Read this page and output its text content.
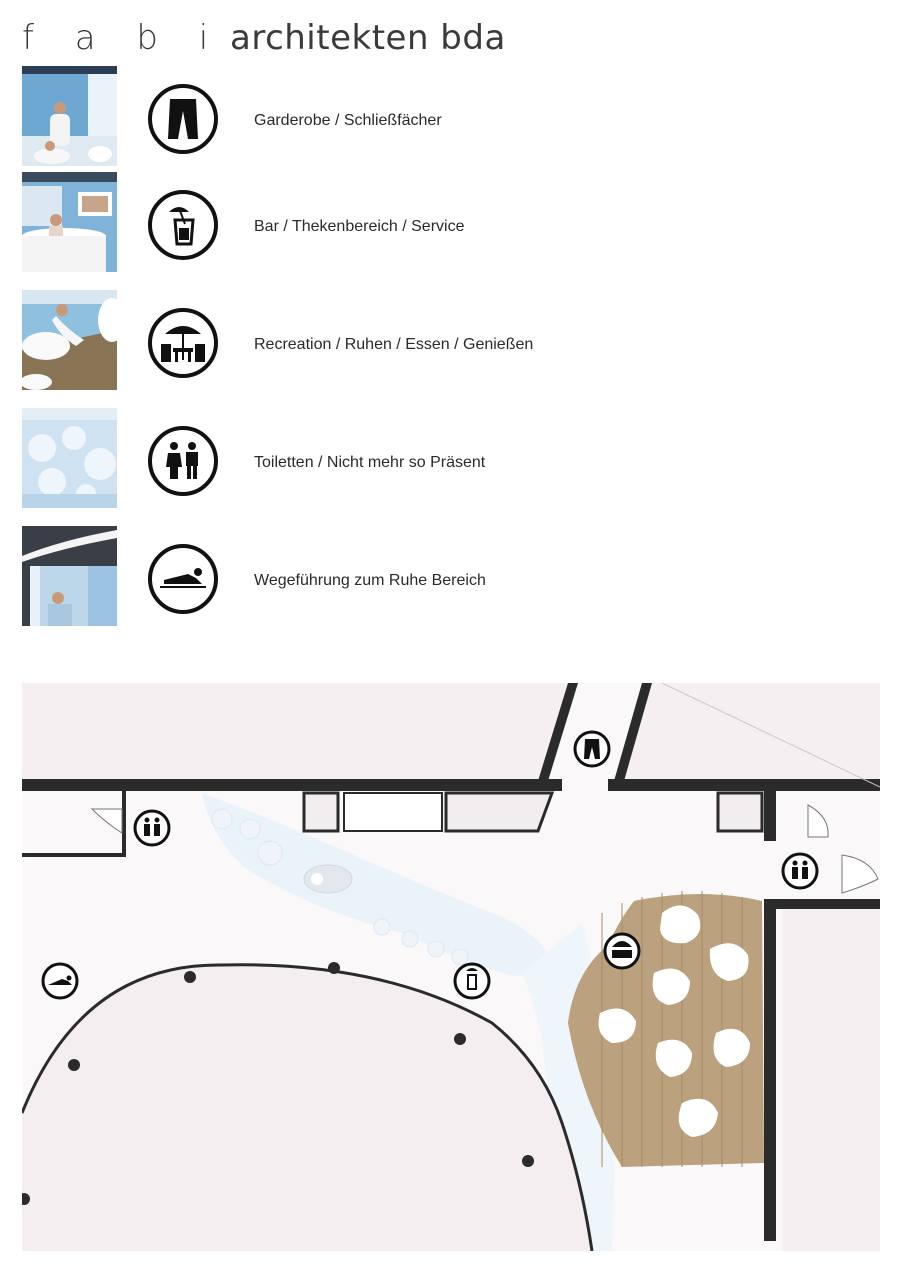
f a b i architekten bda
Garderobe / Schließfächer
Bar / Thekenbereich / Service
Recreation / Ruhen / Essen / Genießen
Toiletten / Nicht mehr so Präsent
Wegeführung zum Ruhe Bereich
